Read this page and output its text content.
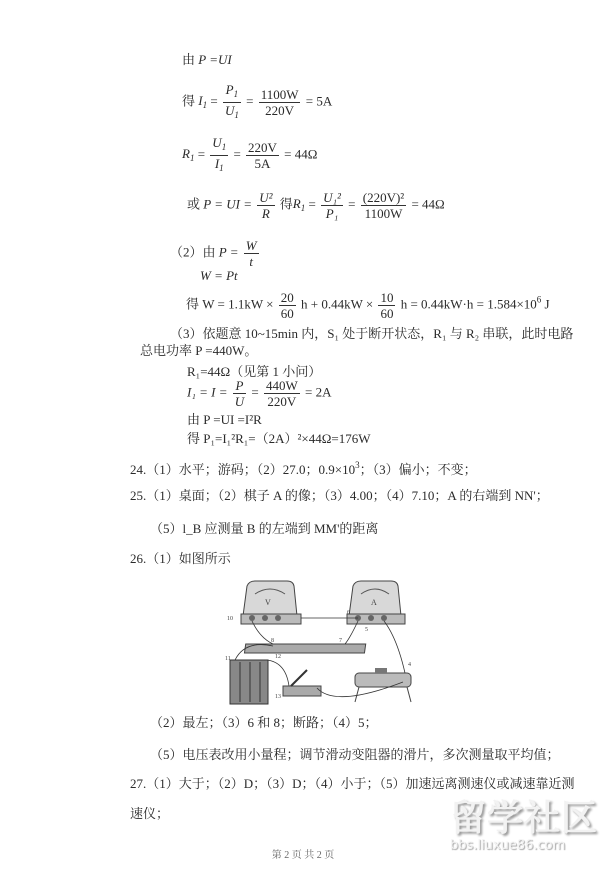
由 P =UI
得 $I_1 = \frac{P_1}{U_1} = \frac{1100W}{220V} = 5A$
$R_1 = \frac{U_1}{I_1} = \frac{220V}{5A} = 44\Omega$
或 P = UI = $\frac{\text{U²}}{R}$ 得$R_1 = \frac{\text{U₁²}}{\text{P₁}} = \frac{\text{(220V)²}}{1100W} = 44\Omega$
（2）由 $P = \frac{W}{t}$
W = Pt
得 $W = 1.1kW \times \frac{20}{60}$ $h + 0.44kW \times \frac{10}{60}$ $h = 0.44kW\cdot h = 1.584\times 10^6$ J
（3）依题意 10~15min 内，S₁ 处于断开状态，R₁ 与 R₂ 串联，此时电路
总电功率 P =440W。
R₁=44Ω（见第 1 小问）
$I_1 = I = \frac{P}{U} = \frac{440W}{220V} = 2A$
由 P =UI =I²R
得 P₁=I₁²R₁=（2A）²×44Ω=176W
24.（1）水平；游码；（2）27.0；$0.9\times 10^3$；（3）偏小；不变；
25.（1）桌面；（2）棋子 A 的像；（3）4.00；（4）7.10；A 的右端到 NN'；
（5）l_B 应测量 B 的左端到 MM'的距离
26.（1）如图所示
V	A
10
6
8	7
5
11	12
4
13
（2）最左；（3）6 和 8；断路；（4）5；
（5）电压表改用小量程；调节滑动变阻器的滑片，多次测量取平均值；
27.（1）大于；（2）D；（3）D；（4）小于；（5）加速远离测速仪或减速靠近测
速仪；	留学社区
bbs.liuxue86.com
第 2 页 共 2 页
